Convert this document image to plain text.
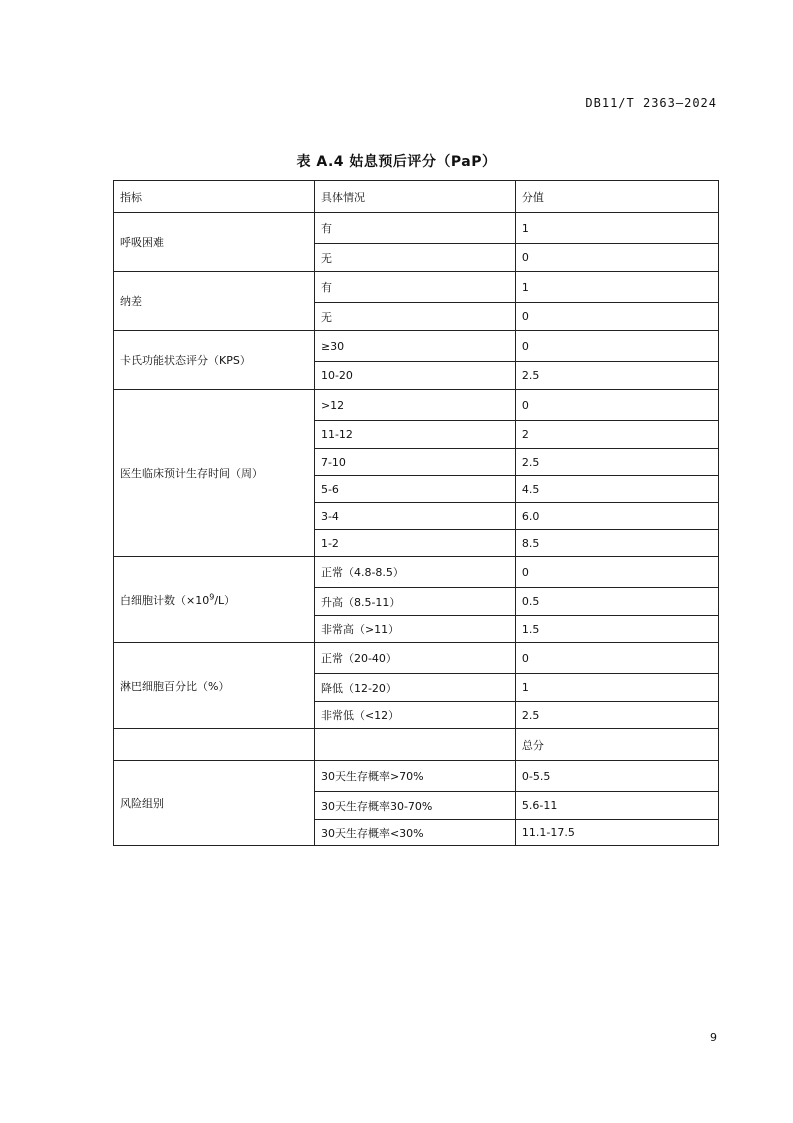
DB11/T 2363—2024
表 A.4 姑息预后评分（PaP）
指标	具体情况	分值
呼吸困难	有	1
	无	0
纳差	有	1
	无	0
卡氏功能状态评分（KPS）	≥30	0
	10-20	2.5
医生临床预计生存时间（周）	>12	0
	11-12	2
	7-10	2.5
	5-6	4.5
	3-4	6.0
	1-2	8.5
白细胞计数$(\times 10^9/L)$	正常（4.8-8.5）	0
	升高（8.5-11）	0.5
	非常高（>11）	1.5
淋巴细胞百分比（%）	正常（20-40）	0
	降低（12-20）	1
	非常低（<12）	2.5
		总分
风险组别	30天生存概率>70%	0-5.5
	30天生存概率30-70%	5.6-11
	30天生存概率<30%	11.1-17.5
9
